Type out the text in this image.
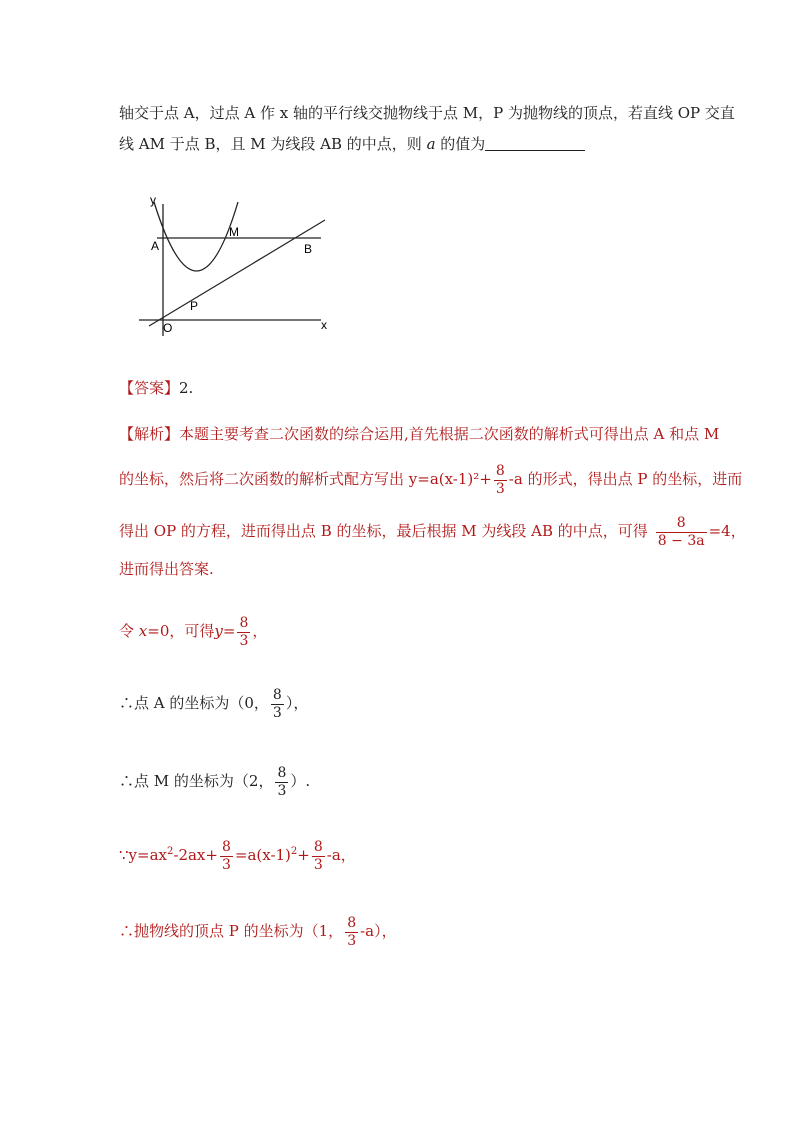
轴交于点 A，过点 A 作 x 轴的平行线交抛物线于点 M，P 为抛物线的顶点，若直线 OP 交直
线 AM 于点 B，且 M 为线段 AB 的中点，则 a 的值为
y
x
A
M
B
P
O
【答案】2.
【解析】本题主要考查二次函数的综合运用,首先根据二次函数的解析式可得出点 A 和点 M
的坐标，然后将二次函数的解析式配方写出 $y=a(x-1)^2+ \frac{8}{3} -a$ 的形式，得出点 P 的坐标，进而
得出 OP 的方程，进而得出点 B 的坐标，最后根据 M 为线段 AB 的中点，可得 $\frac{8}{8 - 3a} =4$，
进而得出答案.
令 x=0，可得$y= \frac{8}{3}$ ，
∴点 A 的坐标为（0， $\frac{8}{3}$ ），
∴点 M 的坐标为（2， $\frac{8}{3}$ ）.
$\because y=ax^2-2ax+ \frac{8}{3} =a(x-1)^2+ \frac{8}{3} -a$，
∴抛物线的顶点 P 的坐标为（1， $\frac{8}{3} -a$），
